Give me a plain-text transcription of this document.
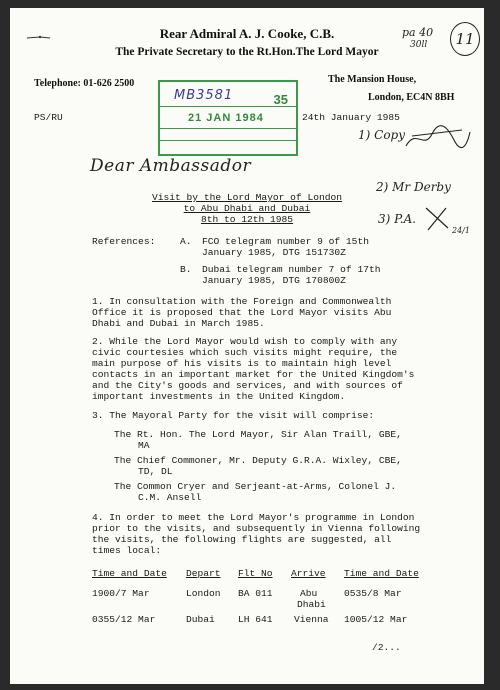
Rear Admiral A. J. Cooke, C.B.
The Private Secretary to the Rt.Hon.The Lord Mayor
Telephone: 01-626 2500	The Mansion House,
London, EC4N 8BH
pa 40
30ll 11
PS/RU	24th January 1985
MB3581	35
21 JAN 1984
1) Copy
2) Mr Derby
3) P.A.
24/1
Dear Ambassador
Visit by the Lord Mayor of London
to Abu Dhabi and Dubai
8th to 12th 1985
References:	A. FCO telegram number 9 of 15th
January 1985, DTG 151730Z
B. Dubai telegram number 7 of 17th
January 1985, DTG 170800Z
1. In consultation with the Foreign and Commonwealth
Office it is proposed that the Lord Mayor visits Abu
Dhabi and Dubai in March 1985.
2. While the Lord Mayor would wish to comply with any
civic courtesies which such visits might require, the
main purpose of his visits is to maintain high level
contacts in an important market for the United Kingdom's
and the City's goods and services, and with sources of
important investments in the United Kingdom.
3. The Mayoral Party for the visit will comprise:
The Rt. Hon. The Lord Mayor, Sir Alan Traill, GBE,
MA
The Chief Commoner, Mr. Deputy G.R.A. Wixley, CBE,
TD, DL
The Common Cryer and Serjeant-at-Arms, Colonel J.
C.M. Ansell
4. In order to meet the Lord Mayor's programme in London
prior to the visits, and subsequently in Vienna following
the visits, the following flights are suggested, all
times local:
Time and Date Depart Flt No Arrive Time and Date
1900/7 Mar	London BA 011	Abu	0535/8 Mar
Dhabi
0355/12 Mar	Dubai LH 641 Vienna 1005/12 Mar
/2...
